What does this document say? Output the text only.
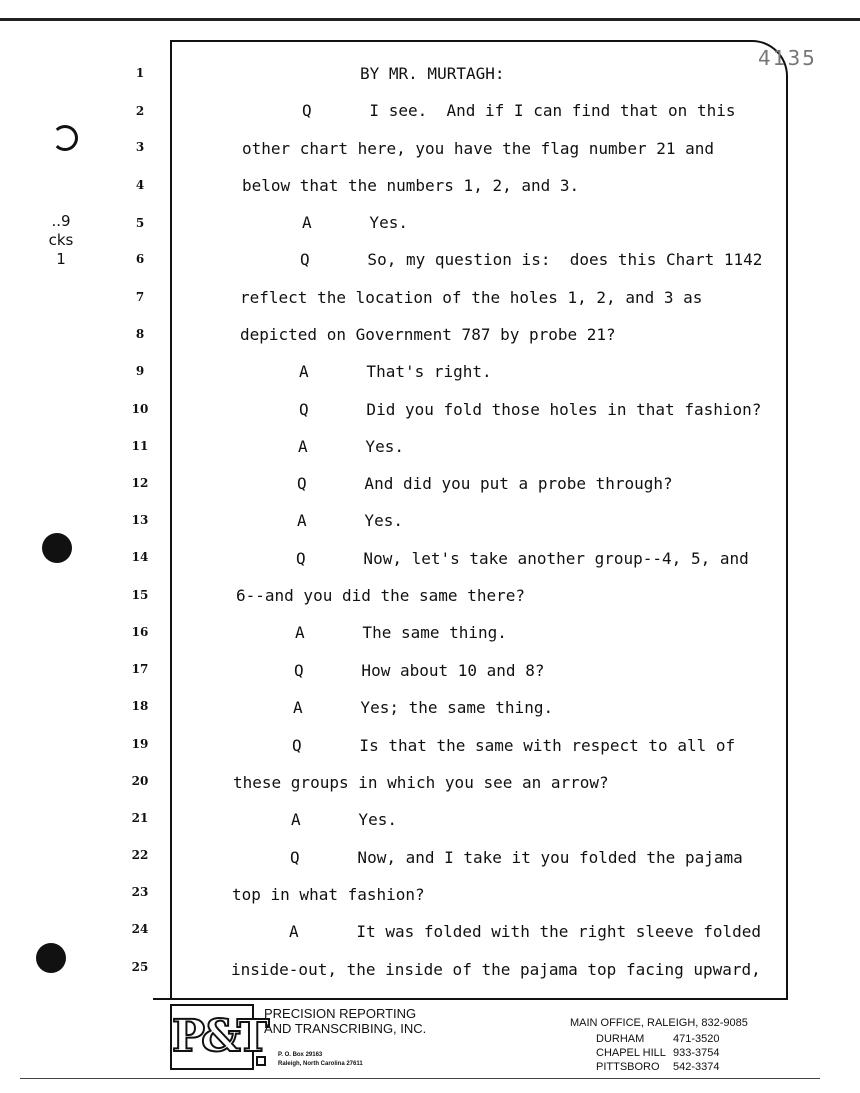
4135
..9
cks
1
1
2
3
4
5
6
7
8
9
10
11
12
13
14
15
16
17
18
19
20
21
22
23
24
25
BY MR. MURTAGH:
Q      I see.  And if I can find that on this
other chart here, you have the flag number 21 and
below that the numbers 1, 2, and 3.
A      Yes.
Q      So, my question is:  does this Chart 1142
reflect the location of the holes 1, 2, and 3 as
depicted on Government 787 by probe 21?
A      That's right.
Q      Did you fold those holes in that fashion?
A      Yes.
Q      And did you put a probe through?
A      Yes.
Q      Now, let's take another group--4, 5, and
6--and you did the same there?
A      The same thing.
Q      How about 10 and 8?
A      Yes; the same thing.
Q      Is that the same with respect to all of
these groups in which you see an arrow?
A      Yes.
Q      Now, and I take it you folded the pajama
top in what fashion?
A      It was folded with the right sleeve folded
inside-out, the inside of the pajama top facing upward,
P&T
PRECISION REPORTING
AND TRANSCRIBING, INC.
P. O. Box 29163
Raleigh, North Carolina 27611
MAIN OFFICE, RALEIGH, 832-9085
DURHAM	471-3520
CHAPEL HILL 933-3754
PITTSBORO	542-3374
